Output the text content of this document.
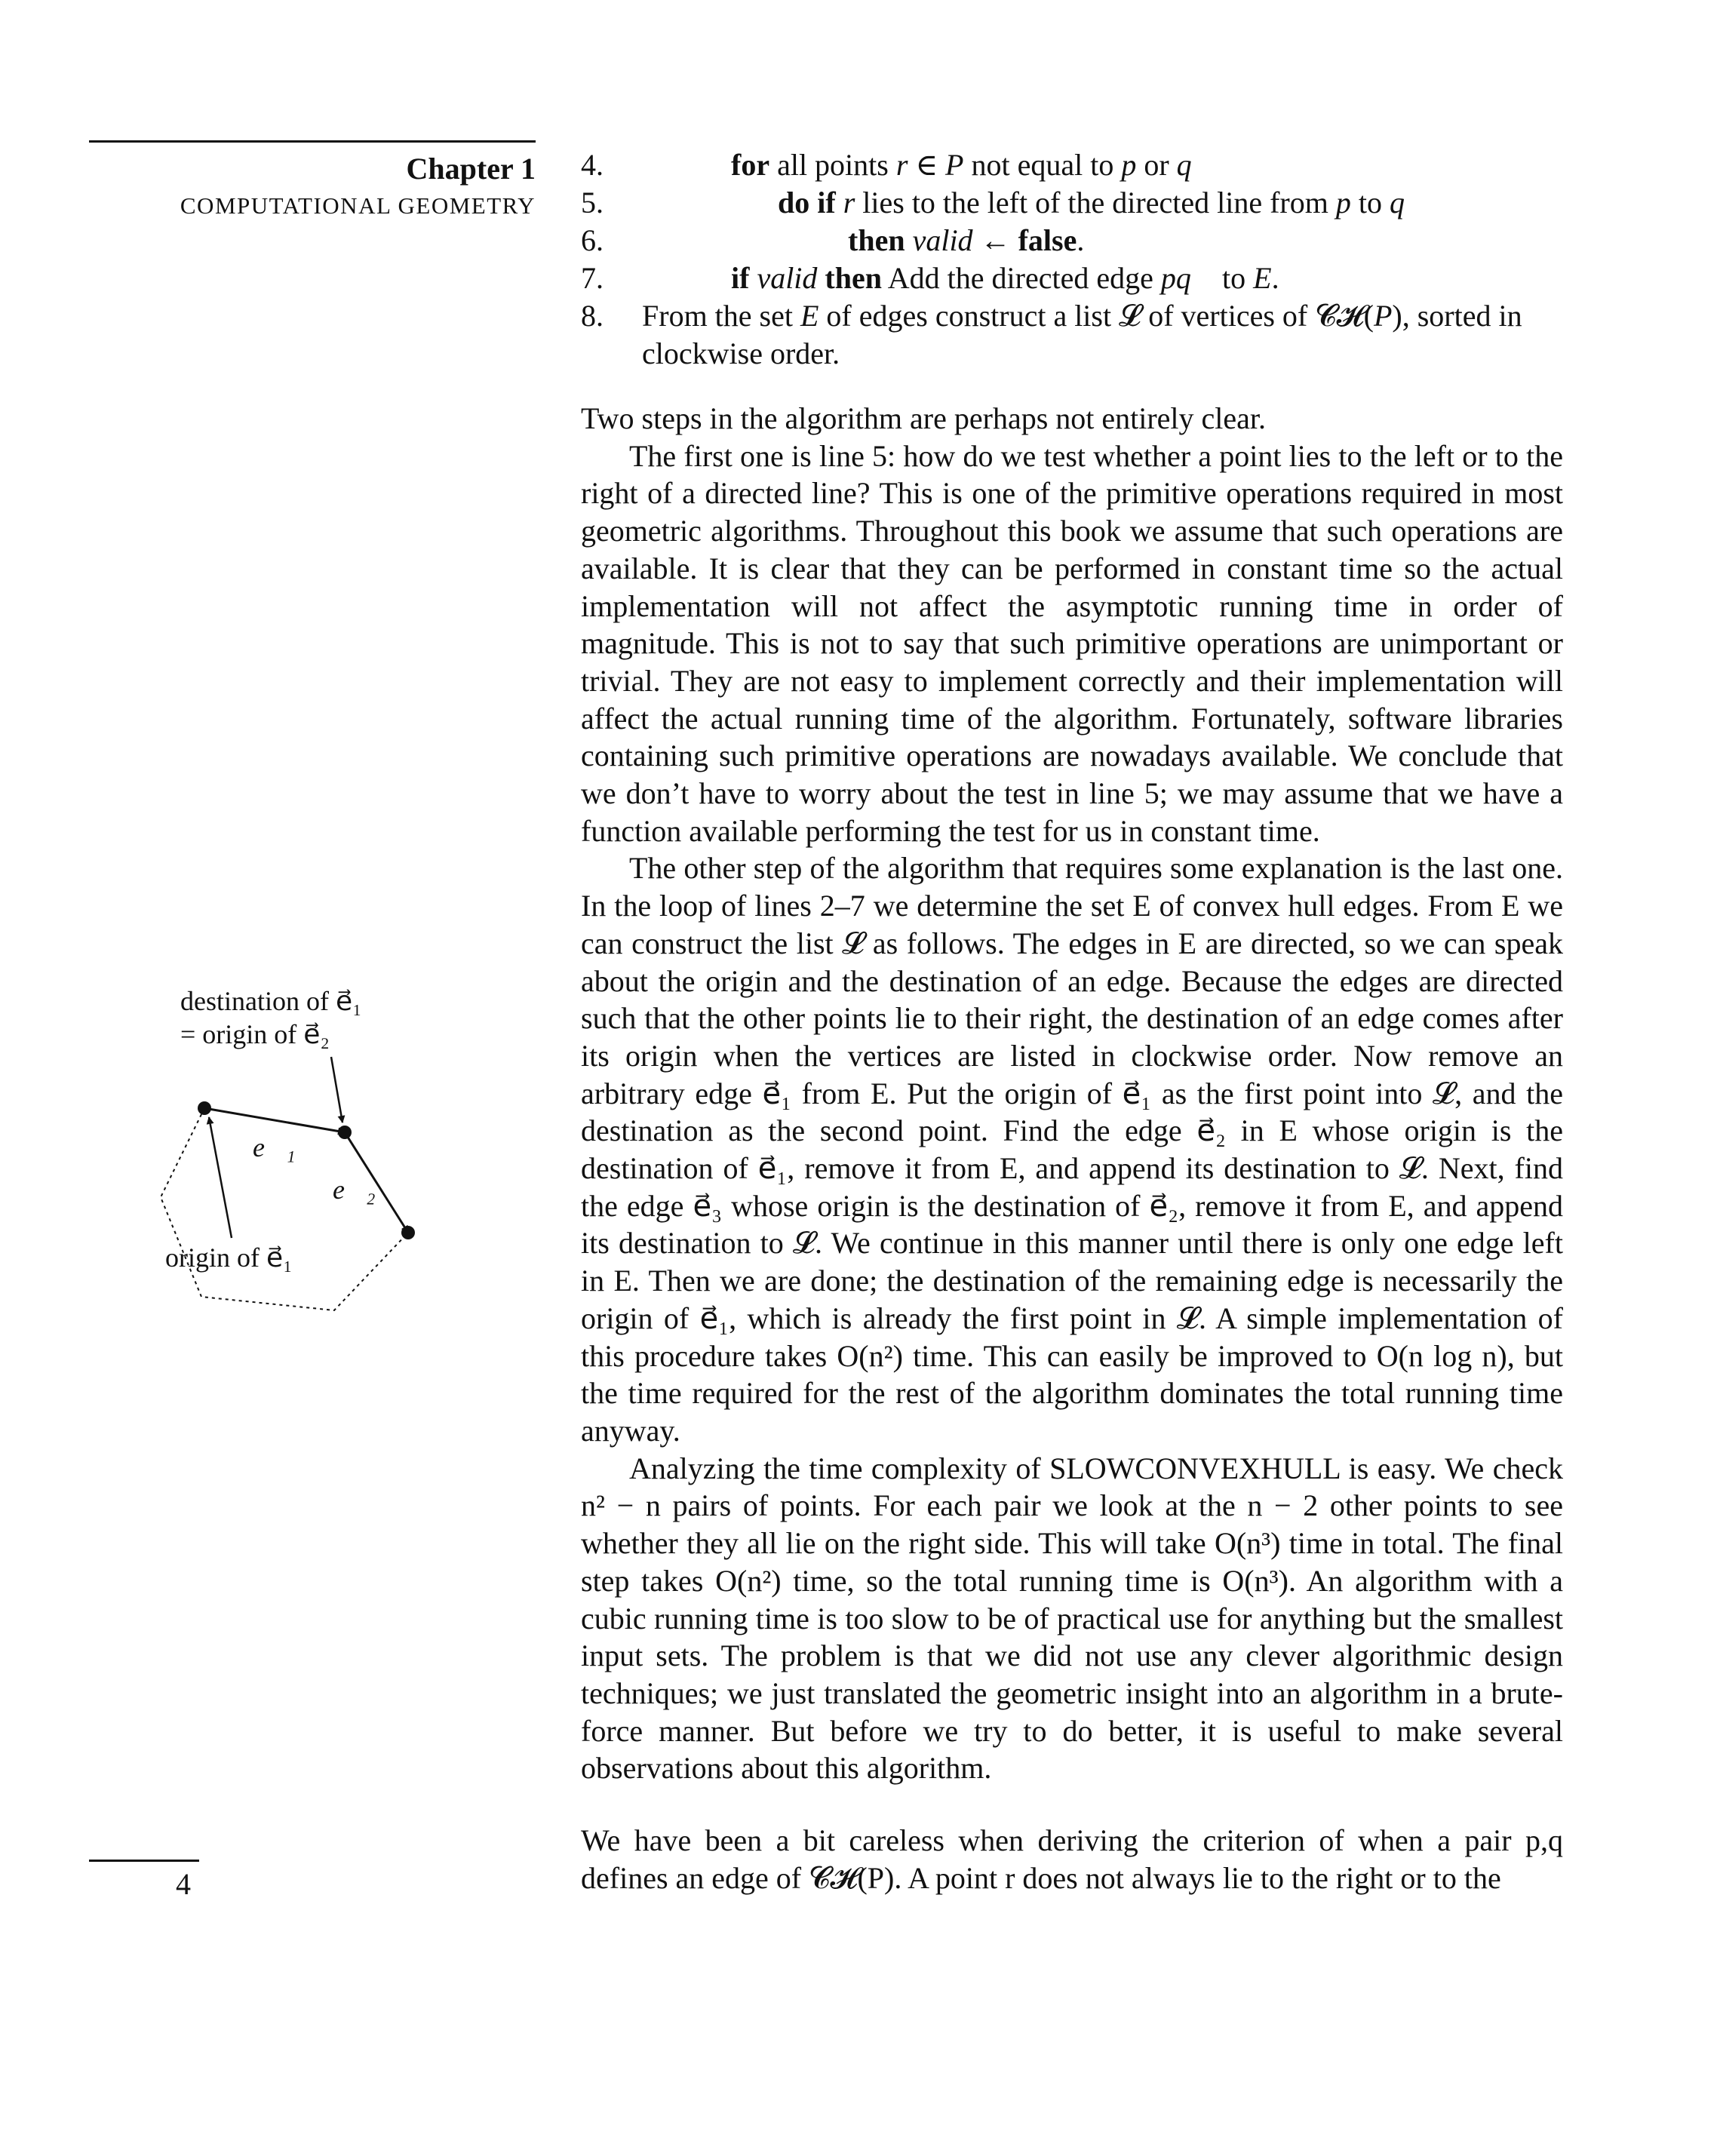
Chapter 1
COMPUTATIONAL GEOMETRY
4.	for all points r ∈ P not equal to p or q
5.	do if r lies to the left of the directed line from p to q
6.	then valid ← false.
7.	if valid then Add the directed edge pq⃗ to E.
8. From the set E of edges construct a list 𝓛 of vertices of 𝓒𝓗(P), sorted in clockwise order.

Two steps in the algorithm are perhaps not entirely clear.

The first one is line 5: how do we test whether a point lies to the left or to the right of a directed line? This is one of the primitive operations required in most geometric algorithms. Throughout this book we assume that such operations are available. It is clear that they can be performed in constant time so the actual implementation will not affect the asymptotic running time in order of magnitude. This is not to say that such primitive operations are unimportant or trivial. They are not easy to implement correctly and their implementation will affect the actual running time of the algorithm. Fortunately, software libraries containing such primitive operations are nowadays available. We conclude that we don’t have to worry about the test in line 5; we may assume that we have a function available performing the test for us in constant time.

The other step of the algorithm that requires some explanation is the last one. In the loop of lines 2–7 we determine the set E of convex hull edges. From E we can construct the list 𝓛 as follows. The edges in E are directed, so we can speak about the origin and the destination of an edge. Because the edges are directed such that the other points lie to their right, the destination of an edge comes after its origin when the vertices are listed in clockwise order. Now remove an arbitrary edge e⃗₁ from E. Put the origin of e⃗₁ as the first point into 𝓛, and the destination as the second point. Find the edge e⃗₂ in E whose origin is the destination of e⃗₁, remove it from E, and append its destination to 𝓛. Next, find the edge e⃗₃ whose origin is the destination of e⃗₂, remove it from E, and append its destination to 𝓛. We continue in this manner until there is only one edge left in E. Then we are done; the destination of the remaining edge is necessarily the origin of e⃗₁, which is already the first point in 𝓛. A simple implementation of this procedure takes O(n²) time. This can easily be improved to O(n log n), but the time required for the rest of the algorithm dominates the total running time anyway.

Analyzing the time complexity of SLOWCONVEXHULL is easy. We check n² − n pairs of points. For each pair we look at the n − 2 other points to see whether they all lie on the right side. This will take O(n³) time in total. The final step takes O(n²) time, so the total running time is O(n³). An algorithm with a cubic running time is too slow to be of practical use for anything but the smallest input sets. The problem is that we did not use any clever algorithmic design techniques; we just translated the geometric insight into an algorithm in a brute-force manner. But before we try to do better, it is useful to make several observations about this algorithm.

We have been a bit careless when deriving the criterion of when a pair p,q defines an edge of 𝓒𝓗(P). A point r does not always lie to the right or to the

destination of e⃗₁
= origin of e⃗₂
e⃗₁
e⃗₂
origin of e⃗₁
4
